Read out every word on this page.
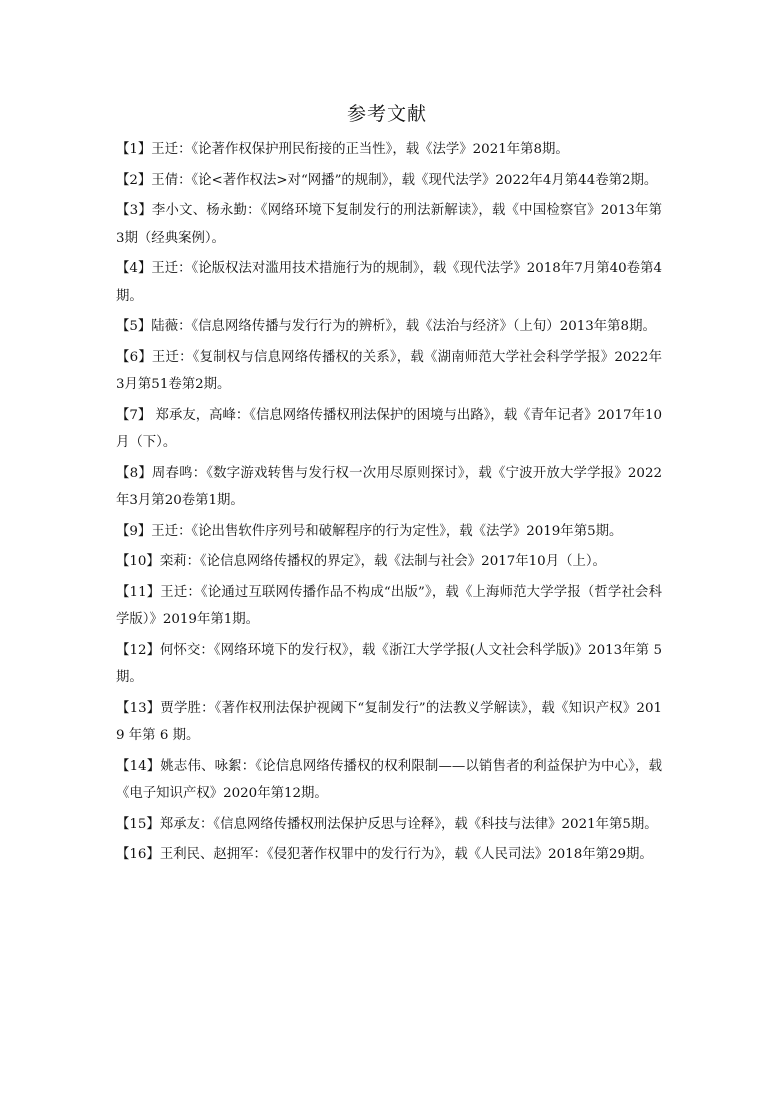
参考文献
【1】王迁：《论著作权保护刑民衔接的正当性》，载《法学》2021年第8期。
【2】王倩：《论<著作权法>对“网播”的规制》，载《现代法学》2022年4月第44卷第2期。
【3】李小文、杨永勤：《网络环境下复制发行的刑法新解读》，载《中国检察官》2013年第3期（经典案例）。
【4】王迁：《论版权法对滥用技术措施行为的规制》，载《现代法学》2018年7月第40卷第4期。
【5】陆薇：《信息网络传播与发行行为的辨析》，载《法治与经济》（上旬）2013年第8期。
【6】王迁：《复制权与信息网络传播权的关系》，载《湖南师范大学社会科学学报》2022年3月第51卷第2期。
【7】 郑承友，高峰：《信息网络传播权刑法保护的困境与出路》，载《青年记者》2017年10月（下）。
【8】周春鸣：《数字游戏转售与发行权一次用尽原则探讨》，载《宁波开放大学学报》2022年3月第20卷第1期。
【9】王迁：《论出售软件序列号和破解程序的行为定性》，载《法学》2019年第5期。
【10】栾莉：《论信息网络传播权的界定》，载《法制与社会》2017年10月（上）。
【11】王迁：《论通过互联网传播作品不构成“出版”》，载《上海师范大学学报（哲学社会科学版）》2019年第1期。
【12】何怀交：《网络环境下的发行权》，载《浙江大学学报(人文社会科学版)》2013年第 5期。
【13】贾学胜：《著作权刑法保护视阈下“复制发行”的法教义学解读》，载《知识产权》2019 年第 6 期。
【14】姚志伟、咏絮：《论信息网络传播权的权利限制——以销售者的利益保护为中心》，载《电子知识产权》2020年第12期。
【15】郑承友：《信息网络传播权刑法保护反思与诠释》，载《科技与法律》2021年第5期。
【16】王利民、赵拥军：《侵犯著作权罪中的发行行为》，载《人民司法》2018年第29期。
